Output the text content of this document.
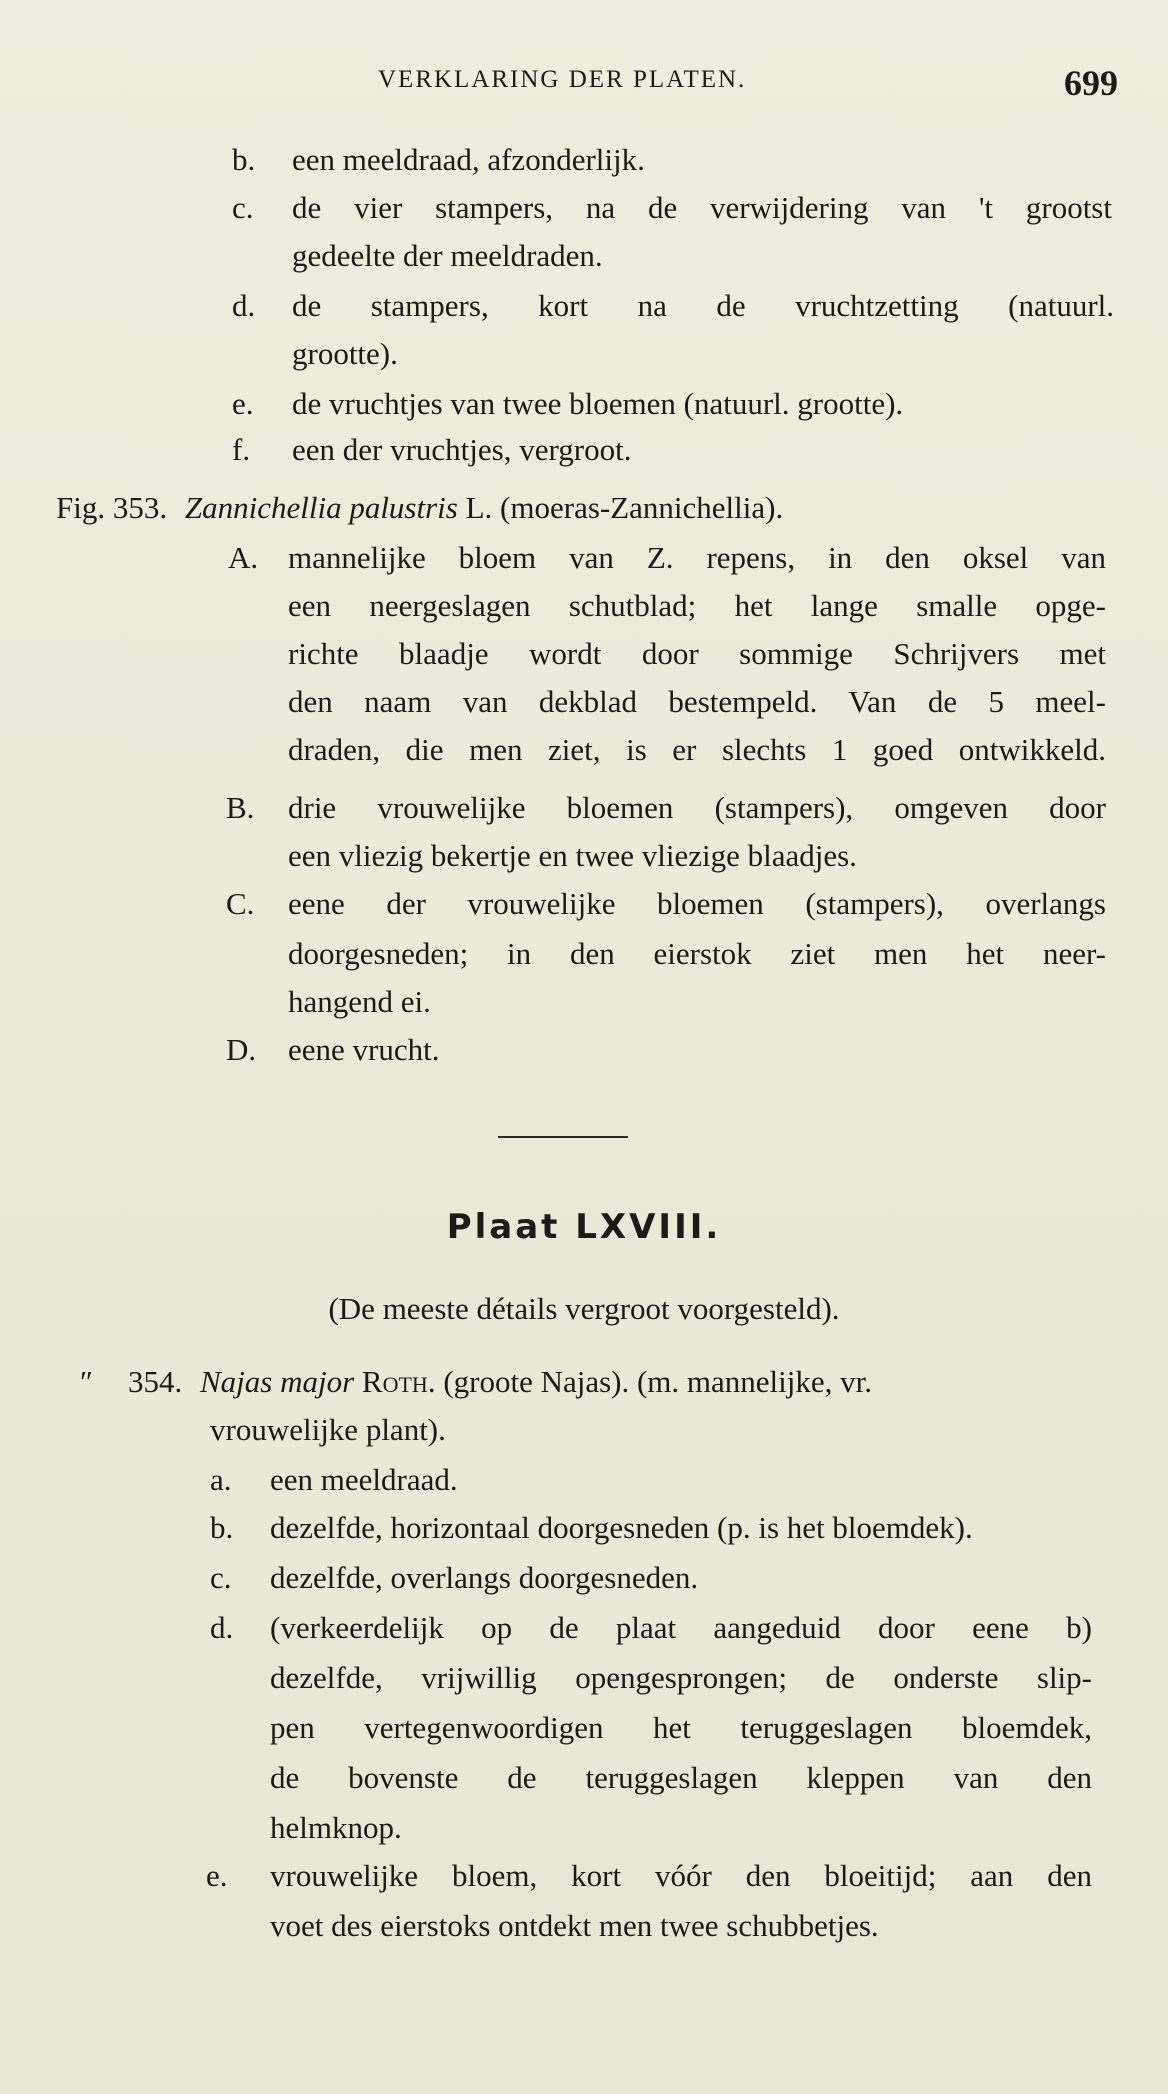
VERKLARING DER PLATEN.	699
b. een meeldraad, afzonderlijk.
c. de vier stampers, na de verwijdering van 't grootst
gedeelte der meeldraden.
d. de stampers, kort na de vruchtzetting (natuurl.
grootte).
e. de vruchtjes van twee bloemen (natuurl. grootte).
f. een der vruchtjes, vergroot.
Fig. 353. Zannichellia palustris L. (moeras-Zannichellia).
A. mannelijke bloem van Z. repens, in den oksel van
een neergeslagen schutblad; het lange smalle opge-
richte blaadje wordt door sommige Schrijvers met
den naam van dekblad bestempeld. Van de 5 meel-
draden, die men ziet, is er slechts 1 goed ontwikkeld.
B. drie vrouwelijke bloemen (stampers), omgeven door
een vliezig bekertje en twee vliezige blaadjes.
C. eene der vrouwelijke bloemen (stampers), overlangs
doorgesneden; in den eierstok ziet men het neer-
hangend ei.
D. eene vrucht.
Plaat LXVIII.
(De meeste détails vergroot voorgesteld).
″ 354. Najas major Roth. (groote Najas). (m. mannelijke, vr.
vrouwelijke plant).
a. een meeldraad.
b. dezelfde, horizontaal doorgesneden (p. is het bloemdek).
c. dezelfde, overlangs doorgesneden.
d. (verkeerdelijk op de plaat aangeduid door eene b)
dezelfde, vrijwillig opengesprongen; de onderste slip-
pen vertegenwoordigen het teruggeslagen bloemdek,
de bovenste de teruggeslagen kleppen van den
helmknop.
e. vrouwelijke bloem, kort vóór den bloeitijd; aan den
voet des eierstoks ontdekt men twee schubbetjes.
